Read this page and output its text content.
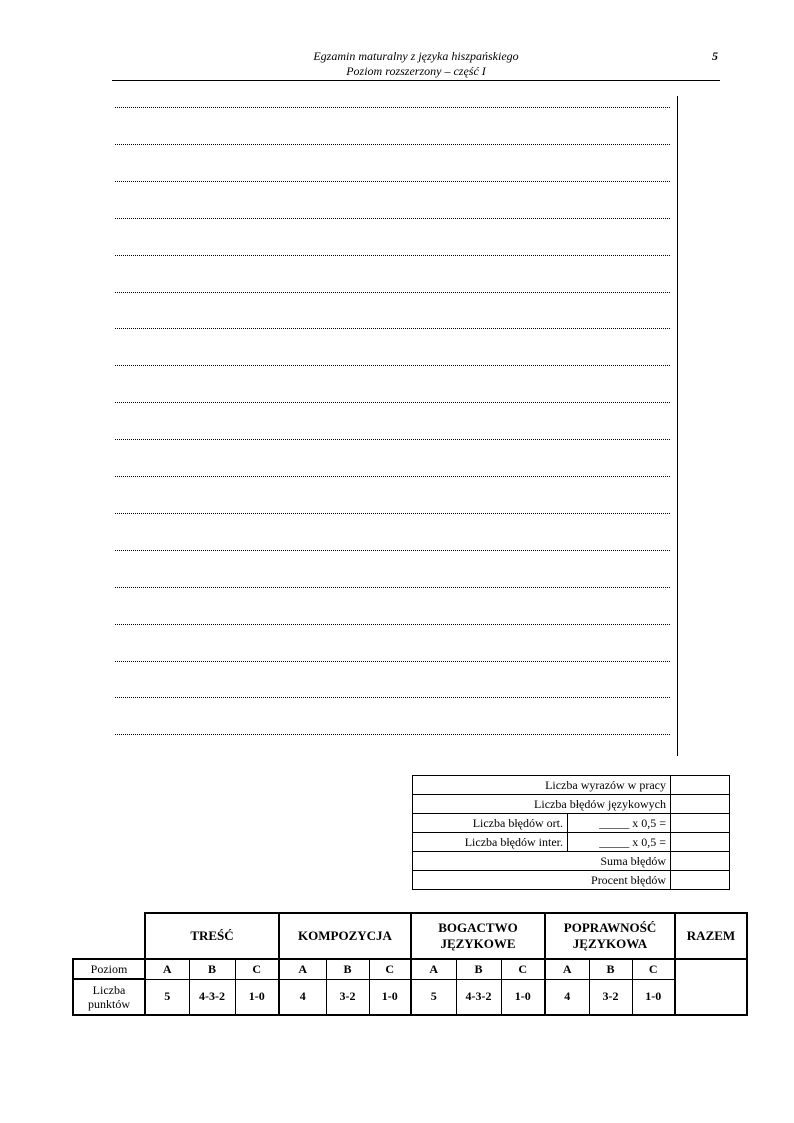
Egzamin maturalny z języka hiszpańskiego
Poziom rozszerzony – część I
5
Liczba wyrazów w pracy		
Liczba błędów językowych		
Liczba błędów ort.	_____ x 0,5 =	
Liczba błędów inter.	_____ x 0,5 =	
Suma błędów		
Procent błędów		
	TREŚĆ			KOMPOZYCJA			BOGACTWO JĘZYKOWE			POPRAWNOŚĆ JĘZYKOWA			RAZEM
Poziom	A	B	C	A	B	C	A	B	C	A	B	C	
Liczba punktów	5	4-3-2	1-0	4	3-2	1-0	5	4-3-2	1-0	4	3-2	1-0	
